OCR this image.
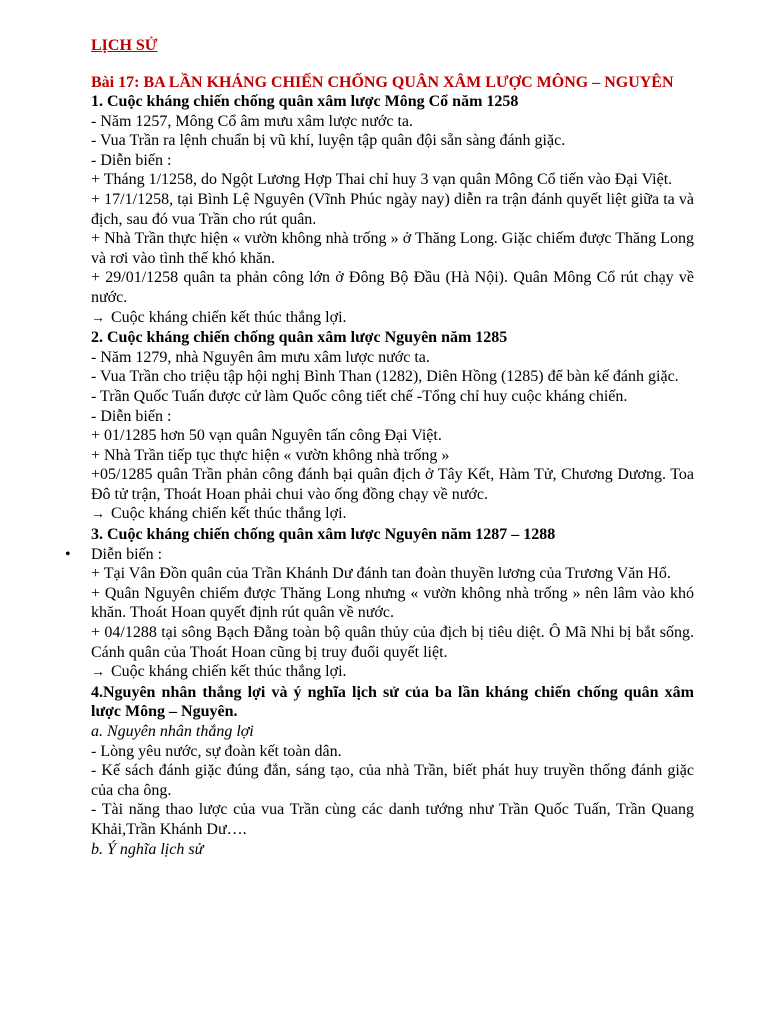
LỊCH SỬ

Bài 17: BA LẦN KHÁNG CHIẾN CHỐNG QUÂN XÂM LƯỢC MÔNG – NGUYÊN

1. Cuộc kháng chiến chống quân xâm lược Mông Cổ năm 1258

- Năm 1257, Mông Cổ âm mưu xâm lược nước ta.

- Vua Trần ra lệnh chuẩn bị vũ khí, luyện tập quân đội sẵn sàng đánh giặc.

- Diễn biến :

+ Tháng 1/1258, do Ngột Lương Hợp Thai chỉ huy 3 vạn quân Mông Cổ tiến vào Đại Việt.

+ 17/1/1258, tại Bình Lệ Nguyên (Vĩnh Phúc ngày nay) diễn ra trận đánh quyết liệt giữa ta và địch, sau đó vua Trần cho rút quân.

+ Nhà Trần thực hiện « vườn không nhà trống » ở Thăng Long. Giặc chiếm được Thăng Long và rơi vào tình thế khó khăn.

+ 29/01/1258 quân ta phản công lớn ở Đông Bộ Đầu (Hà Nội). Quân Mông Cổ rút chạy về nước.

→ Cuộc kháng chiến kết thúc thắng lợi.

2. Cuộc kháng chiến chống quân xâm lược Nguyên năm 1285

- Năm 1279, nhà Nguyên âm mưu xâm lược nước ta.

- Vua Trần cho triệu tập hội nghị Bình Than (1282), Diên Hồng (1285) để bàn kế đánh giặc.

- Trần Quốc Tuấn được cử làm Quốc công tiết chế -Tổng chỉ huy cuộc kháng chiến.

- Diễn biến :

+ 01/1285 hơn 50 vạn quân Nguyên tấn công Đại Việt.

+ Nhà Trần tiếp tục thực hiện « vườn không nhà trống »

+05/1285 quân Trần phản công đánh bại quân địch ở Tây Kết, Hàm Tử, Chương Dương. Toa Đô tử trận, Thoát Hoan phải chui vào ống đồng chạy về nước.

→ Cuộc kháng chiến kết thúc thắng lợi.

3. Cuộc kháng chiến chống quân xâm lược Nguyên năm 1287 – 1288

• Diễn biến :

+ Tại Vân Đồn quân của Trần Khánh Dư đánh tan đoàn thuyền lương của Trương Văn Hổ.

+ Quân Nguyên chiếm được Thăng Long nhưng « vườn không nhà trống » nên lâm vào khó khăn. Thoát Hoan quyết định rút quân về nước.

+ 04/1288 tại sông Bạch Đằng toàn bộ quân thủy của địch bị tiêu diệt. Ô Mã Nhi bị bắt sống. Cánh quân của Thoát Hoan cũng bị truy đuổi quyết liệt.

→ Cuộc kháng chiến kết thúc thắng lợi.

4.Nguyên nhân thắng lợi và ý nghĩa lịch sử của ba lần kháng chiến chống quân xâm lược Mông – Nguyên.

a. Nguyên nhân thắng lợi

- Lòng yêu nước, sự đoàn kết toàn dân.

- Kế sách đánh giặc đúng đắn, sáng tạo, của nhà Trần, biết phát huy truyền thống đánh giặc của cha ông.

- Tài năng thao lược của vua Trần cùng các danh tướng như Trần Quốc Tuấn, Trần Quang Khải,Trần Khánh Dư….

b. Ý nghĩa lịch sử
